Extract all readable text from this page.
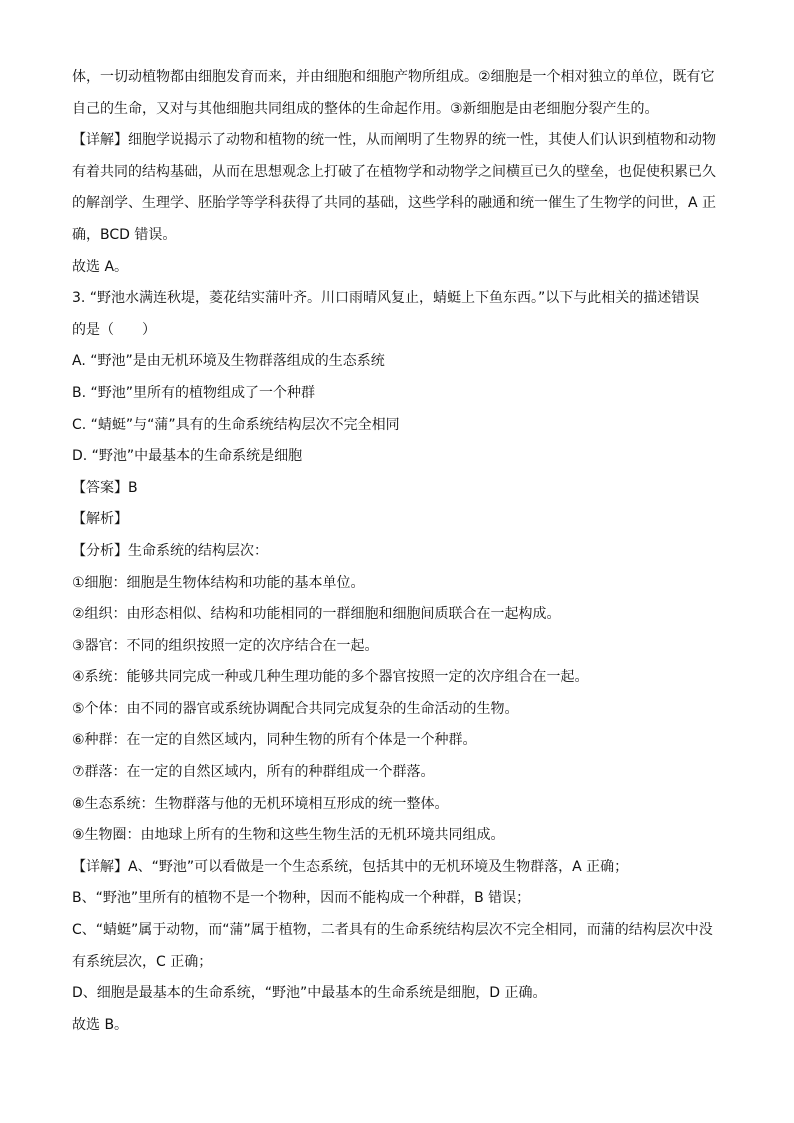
体，一切动植物都由细胞发育而来，并由细胞和细胞产物所组成。②细胞是一个相对独立的单位，既有它
自己的生命，又对与其他细胞共同组成的整体的生命起作用。③新细胞是由老细胞分裂产生的。
【详解】细胞学说揭示了动物和植物的统一性，从而阐明了生物界的统一性，其使人们认识到植物和动物
有着共同的结构基础，从而在思想观念上打破了在植物学和动物学之间横亘已久的壁垒，也促使积累已久
的解剖学、生理学、胚胎学等学科获得了共同的基础，这些学科的融通和统一催生了生物学的问世，A 正
确，BCD 错误。
故选 A。
3. “野池水满连秋堤，菱花结实蒲叶齐。川口雨晴风复止，蜻蜓上下鱼东西。”以下与此相关的描述错误
的是（　　）
A. “野池”是由无机环境及生物群落组成的生态系统
B. “野池”里所有的植物组成了一个种群
C. “蜻蜓”与“蒲”具有的生命系统结构层次不完全相同
D. “野池”中最基本的生命系统是细胞
【答案】B
【解析】
【分析】生命系统的结构层次：
①细胞：细胞是生物体结构和功能的基本单位。
②组织：由形态相似、结构和功能相同的一群细胞和细胞间质联合在一起构成。
③器官：不同的组织按照一定的次序结合在一起。
④系统：能够共同完成一种或几种生理功能的多个器官按照一定的次序组合在一起。
⑤个体：由不同的器官或系统协调配合共同完成复杂的生命活动的生物。
⑥种群：在一定的自然区域内，同种生物的所有个体是一个种群。
⑦群落：在一定的自然区域内，所有的种群组成一个群落。
⑧生态系统：生物群落与他的无机环境相互形成的统一整体。
⑨生物圈：由地球上所有的生物和这些生物生活的无机环境共同组成。
【详解】A、“野池”可以看做是一个生态系统，包括其中的无机环境及生物群落，A 正确；
B、“野池”里所有的植物不是一个物种，因而不能构成一个种群，B 错误；
C、“蜻蜓”属于动物，而“蒲”属于植物，二者具有的生命系统结构层次不完全相同，而蒲的结构层次中没
有系统层次，C 正确；
D、细胞是最基本的生命系统，“野池”中最基本的生命系统是细胞，D 正确。
故选 B。
